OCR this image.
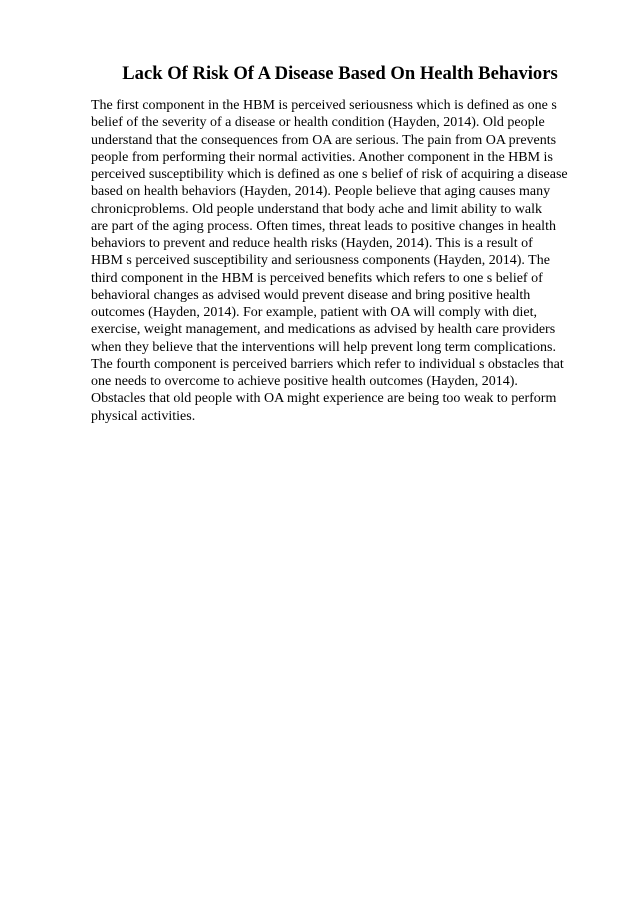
Lack Of Risk Of A Disease Based On Health Behaviors
The first component in the HBM is perceived seriousness which is defined as one s
belief of the severity of a disease or health condition (Hayden, 2014). Old people
understand that the consequences from OA are serious. The pain from OA prevents
people from performing their normal activities. Another component in the HBM is
perceived susceptibility which is defined as one s belief of risk of acquiring a disease
based on health behaviors (Hayden, 2014). People believe that aging causes many
chronicproblems. Old people understand that body ache and limit ability to walk
are part of the aging process. Often times, threat leads to positive changes in health
behaviors to prevent and reduce health risks (Hayden, 2014). This is a result of
HBM s perceived susceptibility and seriousness components (Hayden, 2014). The
third component in the HBM is perceived benefits which refers to one s belief of
behavioral changes as advised would prevent disease and bring positive health
outcomes (Hayden, 2014). For example, patient with OA will comply with diet,
exercise, weight management, and medications as advised by health care providers
when they believe that the interventions will help prevent long term complications.
The fourth component is perceived barriers which refer to individual s obstacles that
one needs to overcome to achieve positive health outcomes (Hayden, 2014).
Obstacles that old people with OA might experience are being too weak to perform
physical activities.
